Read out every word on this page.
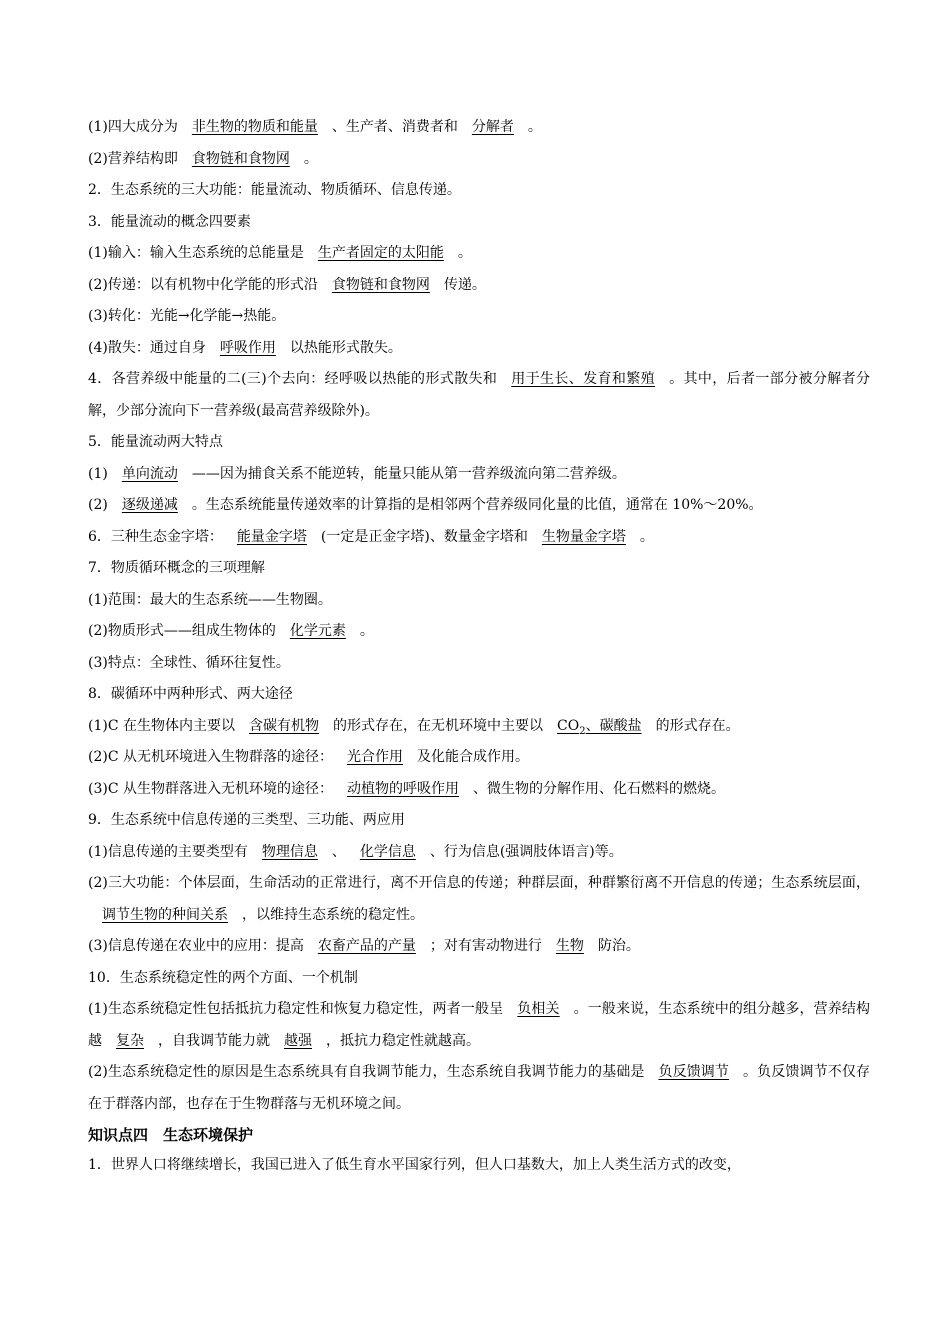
(1)四大成分为 非生物的物质和能量 、生产者、消费者和 分解者 。
(2)营养结构即 食物链和食物网 。
2．生态系统的三大功能：能量流动、物质循环、信息传递。
3．能量流动的概念四要素
(1)输入：输入生态系统的总能量是 生产者固定的太阳能 。
(2)传递：以有机物中化学能的形式沿 食物链和食物网 传递。
(3)转化：光能→化学能→热能。
(4)散失：通过自身 呼吸作用 以热能形式散失。
4．各营养级中能量的二(三)个去向：经呼吸以热能的形式散失和 用于生长、发育和繁殖 。其中，后者一部分被分解者分解，少部分流向下一营养级(最高营养级除外)。
5．能量流动两大特点
(1) 单向流动 ——因为捕食关系不能逆转，能量只能从第一营养级流向第二营养级。
(2) 逐级递减 。生态系统能量传递效率的计算指的是相邻两个营养级同化量的比值，通常在 10%～20%。
6．三种生态金字塔： 能量金字塔 (一定是正金字塔)、数量金字塔和 生物量金字塔 。
7．物质循环概念的三项理解
(1)范围：最大的生态系统——生物圈。
(2)物质形式——组成生物体的 化学元素 。
(3)特点：全球性、循环往复性。
8．碳循环中两种形式、两大途径
(1)C 在生物体内主要以 含碳有机物 的形式存在，在无机环境中主要以 $CO_2$、碳酸盐 的形式存在。
(2)C 从无机环境进入生物群落的途径： 光合作用 及化能合成作用。
(3)C 从生物群落进入无机环境的途径： 动植物的呼吸作用 、微生物的分解作用、化石燃料的燃烧。
9．生态系统中信息传递的三类型、三功能、两应用
(1)信息传递的主要类型有 物理信息 、 化学信息 、行为信息(强调肢体语言)等。
(2)三大功能：个体层面，生命活动的正常进行，离不开信息的传递；种群层面，种群繁衍离不开信息的传递；生态系统层面，调节生物的种间关系 ，以维持生态系统的稳定性。
(3)信息传递在农业中的应用：提高 农畜产品的产量 ；对有害动物进行 生物 防治。
10．生态系统稳定性的两个方面、一个机制
(1)生态系统稳定性包括抵抗力稳定性和恢复力稳定性，两者一般呈 负相关 。一般来说，生态系统中的组分越多，营养结构越 复杂 ，自我调节能力就 越强 ，抵抗力稳定性就越高。
(2)生态系统稳定性的原因是生态系统具有自我调节能力，生态系统自我调节能力的基础是 负反馈调节 。负反馈调节不仅存在于群落内部，也存在于生物群落与无机环境之间。
知识点四　生态环境保护
1．世界人口将继续增长，我国已进入了低生育水平国家行列，但人口基数大，加上人类生活方式的改变，
